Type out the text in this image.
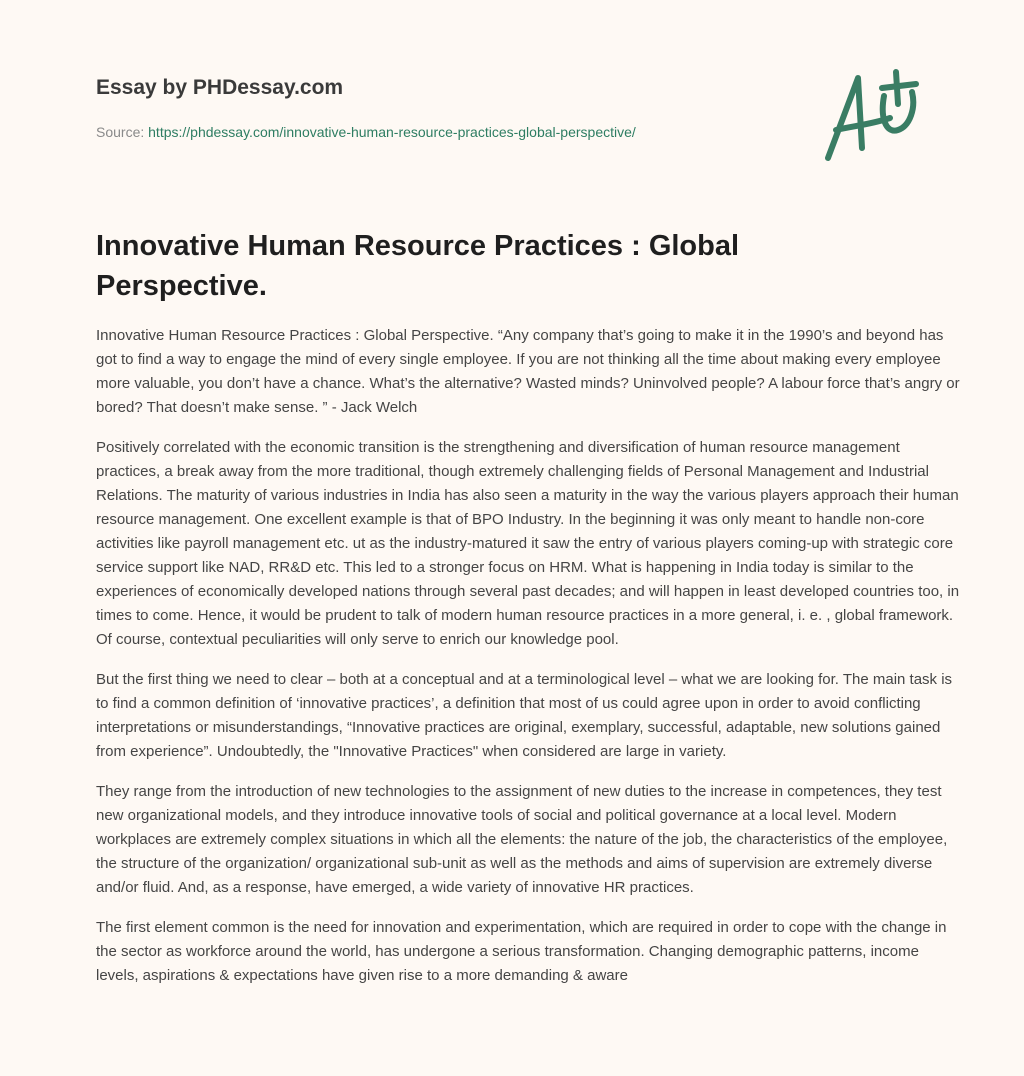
Essay by PHDessay.com
Source: https://phdessay.com/innovative-human-resource-practices-global-perspective/
Innovative Human Resource Practices : Global Perspective.

Innovative Human Resource Practices : Global Perspective. “Any company that’s going to make it in the 1990’s and beyond has got to find a way to engage the mind of every single employee. If you are not thinking all the time about making every employee more valuable, you don’t have a chance. What’s the alternative? Wasted minds? Uninvolved people? A labour force that’s angry or bored? That doesn’t make sense. ” - Jack Welch

Positively correlated with the economic transition is the strengthening and diversification of human resource management practices, a break away from the more traditional, though extremely challenging fields of Personal Management and Industrial Relations. The maturity of various industries in India has also seen a maturity in the way the various players approach their human resource management. One excellent example is that of BPO Industry. In the beginning it was only meant to handle non-core activities like payroll management etc. ut as the industry-matured it saw the entry of various players coming-up with strategic core service support like NAD, RR&D etc. This led to a stronger focus on HRM. What is happening in India today is similar to the experiences of economically developed nations through several past decades; and will happen in least developed countries too, in times to come. Hence, it would be prudent to talk of modern human resource practices in a more general, i. e. , global framework. Of course, contextual peculiarities will only serve to enrich our knowledge pool.

But the first thing we need to clear – both at a conceptual and at a terminological level – what we are looking for. The main task is to find a common definition of ‘innovative practices’, a definition that most of us could agree upon in order to avoid conflicting interpretations or misunderstandings, “Innovative practices are original, exemplary, successful, adaptable, new solutions gained from experience”. Undoubtedly, the "Innovative Practices" when considered are large in variety.

They range from the introduction of new technologies to the assignment of new duties to the increase in competences, they test new organizational models, and they introduce innovative tools of social and political governance at a local level. Modern workplaces are extremely complex situations in which all the elements: the nature of the job, the characteristics of the employee, the structure of the organization/ organizational sub-unit as well as the methods and aims of supervision are extremely diverse and/or fluid. And, as a response, have emerged, a wide variety of innovative HR practices.

The first element common is the need for innovation and experimentation, which are required in order to cope with the change in the sector as workforce around the world, has undergone a serious transformation. Changing demographic patterns, income levels, aspirations & expectations have given rise to a more demanding & aware
